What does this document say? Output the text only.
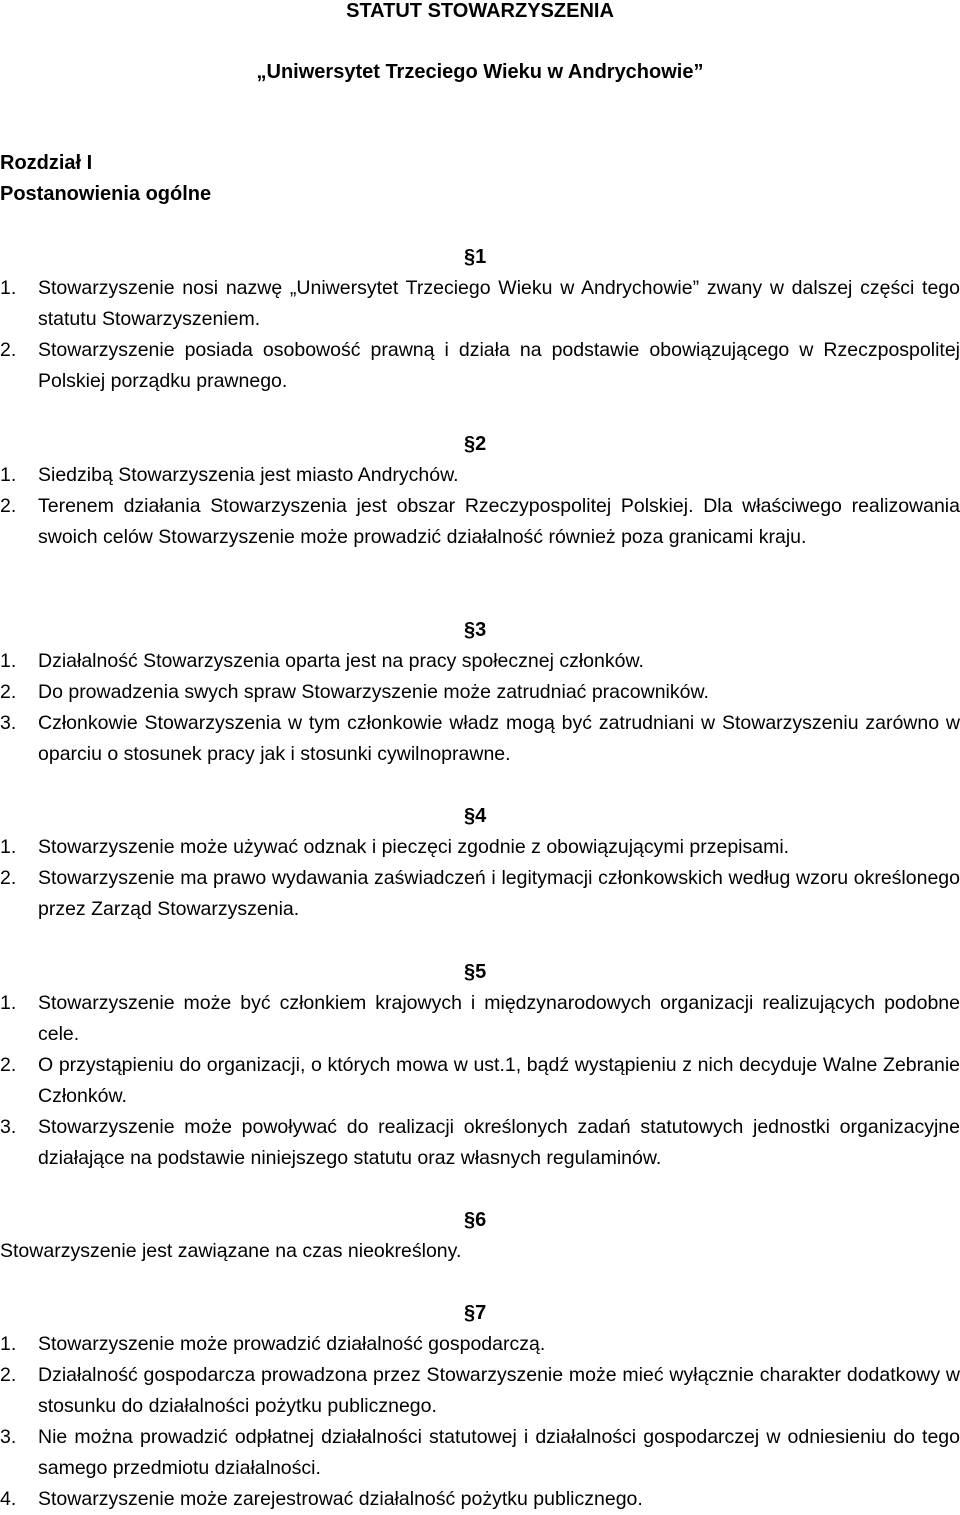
STATUT STOWARZYSZENIA
„Uniwersytet Trzeciego Wieku w Andrychowie”
Rozdział I
Postanowienia ogólne
§1
1.	Stowarzyszenie nosi nazwę „Uniwersytet Trzeciego Wieku w Andrychowie” zwany w dalszej części tego statutu Stowarzyszeniem.
2.	Stowarzyszenie posiada osobowość prawną i działa na podstawie obowiązującego w Rzeczpospolitej Polskiej porządku prawnego.
§2
1.	Siedzibą Stowarzyszenia jest miasto Andrychów.
2.	Terenem działania Stowarzyszenia jest obszar Rzeczypospolitej Polskiej. Dla właściwego realizowania swoich celów Stowarzyszenie może prowadzić działalność również poza granicami kraju.
§3
1.	Działalność Stowarzyszenia oparta jest na pracy społecznej członków.
2.	Do prowadzenia swych spraw Stowarzyszenie może zatrudniać pracowników.
3.	Członkowie Stowarzyszenia w tym członkowie władz mogą być zatrudniani w Stowarzyszeniu zarówno w oparciu o stosunek pracy jak i stosunki cywilnoprawne.
§4
1.	Stowarzyszenie może używać odznak i pieczęci zgodnie z obowiązującymi przepisami.
2.	Stowarzyszenie ma prawo wydawania zaświadczeń i legitymacji członkowskich według wzoru określonego przez Zarząd Stowarzyszenia.
§5
1.	Stowarzyszenie może być członkiem krajowych i międzynarodowych organizacji realizujących podobne cele.
2.	O przystąpieniu do organizacji, o których mowa w ust.1, bądź wystąpieniu z nich decyduje Walne Zebranie Członków.
3.	Stowarzyszenie może powoływać do realizacji określonych zadań statutowych jednostki organizacyjne działające na podstawie niniejszego statutu oraz własnych regulaminów.
§6
Stowarzyszenie jest zawiązane na czas nieokreślony.
§7
1.	Stowarzyszenie może prowadzić działalność gospodarczą.
2.	Działalność gospodarcza prowadzona przez Stowarzyszenie może mieć wyłącznie charakter dodatkowy w stosunku do działalności pożytku publicznego.
3.	Nie można prowadzić odpłatnej działalności statutowej i działalności gospodarczej w odniesieniu do tego samego przedmiotu działalności.
4.	Stowarzyszenie może zarejestrować działalność pożytku publicznego.
